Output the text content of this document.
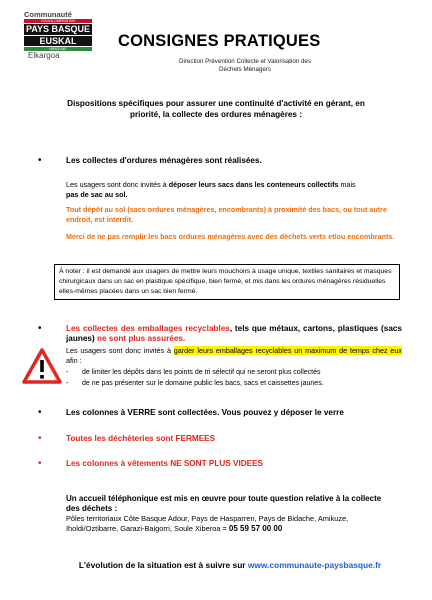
Communauté
D'AGGLOMÉRATION
PAYS BASQUE
EUSKAL
HIRIGUNE
Elkargoa
CONSIGNES PRATIQUES
Direction Prévention Collecte et Valorisation des
Déchets Ménagers
Dispositions spécifiques pour assurer une continuité d'activité en gérant, en
priorité, la collecte des ordures ménagères :
•	Les collectes d'ordures ménagères sont réalisées.
Les usagers sont donc invités à déposer leurs sacs dans les conteneurs collectifs mais
pas de sac au sol.
Tout dépôt au sol (sacs ordures ménagères, encombrants) à proximité des bacs, ou tout autre endroit, est interdit.
Merci de ne pas remplir les bacs ordures ménagères avec des déchets verts et/ou encombrants.
À noter : il est demandé aux usagers de mettre leurs mouchoirs à usage unique, textiles sanitaires et masques chirurgicaux dans un sac en plastique spécifique, bien fermé, et mis dans les ordures ménagères résiduelles elles-mêmes placées dans un sac bien fermé.
•	Les collectes des emballages recyclables, tels que métaux, cartons, plastiques (sacs jaunes) ne sont plus assurées.
Les usagers sont donc invités à garder leurs emballages recyclables un maximum de temps chez eux afin :
- de limiter les dépôts dans les points de tri sélectif qui ne seront plus collectés
- de ne pas présenter sur le domaine public les bacs, sacs et caissettes jaunes.
•	Les colonnes à VERRE sont collectées. Vous pouvez y déposer le verre
•	Toutes les déchèteries sont FERMEES
•	Les colonnes à vêtements NE SONT PLUS VIDEES
Un accueil téléphonique est mis en œuvre pour toute question relative à la collecte des déchets :
Pôles territoriaux Côte Basque Adour, Pays de Hasparren, Pays de Bidache, Amikuze, Iholdi/Oztibarre, Garazi-Baigorri, Soule Xiberoa = 05 59 57 00 00
L'évolution de la situation est à suivre sur www.communaute-paysbasque.fr
